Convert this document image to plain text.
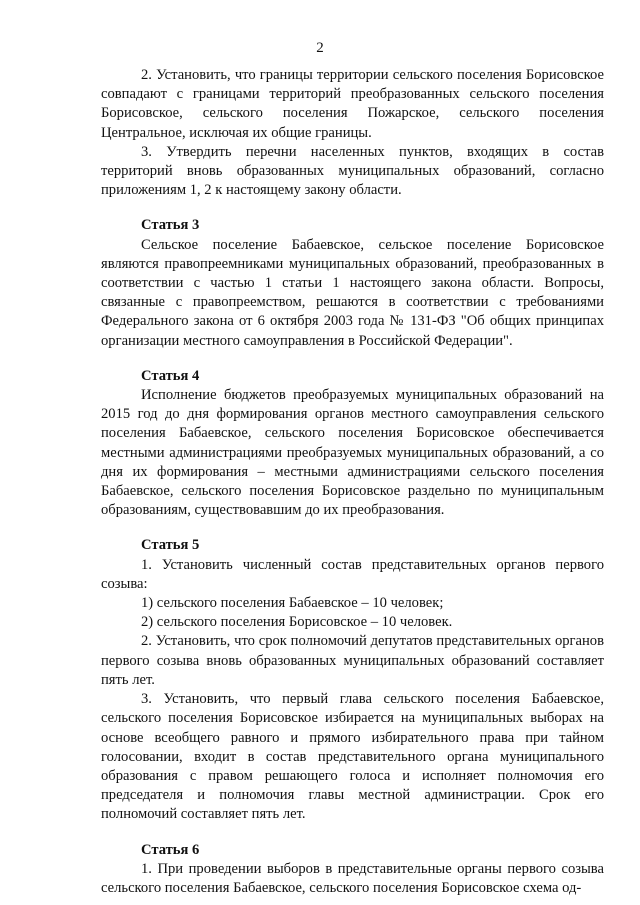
2

2. Установить, что границы территории сельского поселения Борисовское совпадают с границами территорий преобразованных сельского поселения Борисовское, сельского поселения Пожарское, сельского поселения Центральное, исключая их общие границы.

3. Утвердить перечни населенных пунктов, входящих в состав территорий вновь образованных муниципальных образований, согласно приложениям 1, 2 к настоящему закону области.

Статья 3

Сельское поселение Бабаевское, сельское поселение Борисовское являются правопреемниками муниципальных образований, преобразованных в соответствии с частью 1 статьи 1 настоящего закона области. Вопросы, связанные с правопреемством, решаются в соответствии с требованиями Федерального закона от 6 октября 2003 года № 131-ФЗ "Об общих принципах организации местного самоуправления в Российской Федерации".

Статья 4

Исполнение бюджетов преобразуемых муниципальных образований на 2015 год до дня формирования органов местного самоуправления сельского поселения Бабаевское, сельского поселения Борисовское обеспечивается местными администрациями преобразуемых муниципальных образований, а со дня их формирования – местными администрациями сельского поселения Бабаевское, сельского поселения Борисовское раздельно по муниципальным образованиям, существовавшим до их преобразования.

Статья 5

1. Установить численный состав представительных органов первого созыва:

1) сельского поселения Бабаевское – 10 человек;

2) сельского поселения Борисовское – 10 человек.

2. Установить, что срок полномочий депутатов представительных органов первого созыва вновь образованных муниципальных образований составляет пять лет.

3. Установить, что первый глава сельского поселения Бабаевское, сельского поселения Борисовское избирается на муниципальных выборах на основе всеобщего равного и прямого избирательного права при тайном голосовании, входит в состав представительного органа муниципального образования с правом решающего голоса и исполняет полномочия его председателя и полномочия главы местной администрации. Срок его полномочий составляет пять лет.

Статья 6

1. При проведении выборов в представительные органы первого созыва сельского поселения Бабаевское, сельского поселения Борисовское схема од-
